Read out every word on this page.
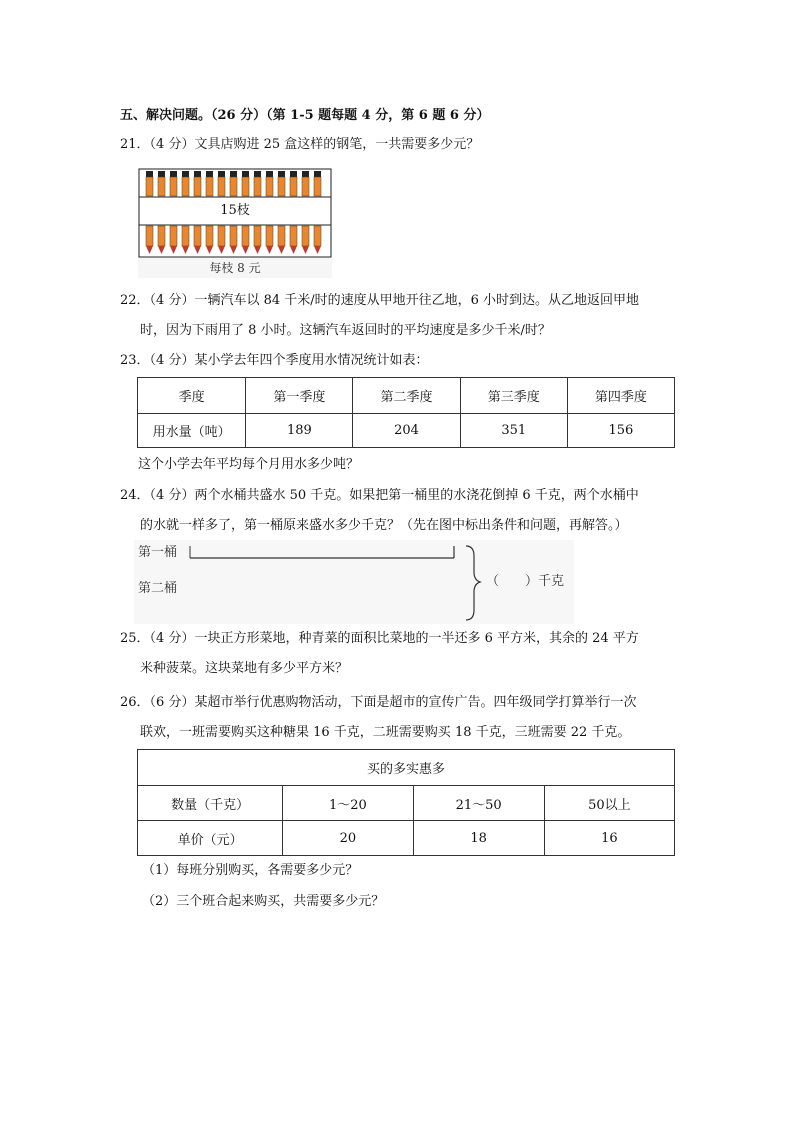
五、解决问题。（26 分）（第 1-5 题每题 4 分，第 6 题 6 分）
21．（4 分）文具店购进 25 盒这样的钢笔，一共需要多少元？
15枝
每枝 8 元
22．（4 分）一辆汽车以 84 千米/时的速度从甲地开往乙地，6 小时到达。从乙地返回甲地
时，因为下雨用了 8 小时。这辆汽车返回时的平均速度是多少千米/时？
23．（4 分）某小学去年四个季度用水情况统计如表：
季度	第一季度	第二季度	第三季度	第四季度
用水量（吨）	189	204	351	156
这个小学去年平均每个月用水多少吨？
24．（4 分）两个水桶共盛水 50 千克。如果把第一桶里的水浇花倒掉 6 千克，两个水桶中
的水就一样多了，第一桶原来盛水多少千克？（先在图中标出条件和问题，再解答。）
第一桶
第二桶	（　　）千克
25．（4 分）一块正方形菜地，种青菜的面积比菜地的一半还多 6 平方米，其余的 24 平方
米种菠菜。这块菜地有多少平方米？
26．（6 分）某超市举行优惠购物活动，下面是超市的宣传广告。四年级同学打算举行一次
联欢，一班需要购买这种糖果 16 千克，二班需要购买 18 千克，三班需要 22 千克。
买的多实惠多			
数量（千克）	1～20	21～50	50以上
单价（元）	20	18	16
（1）每班分别购买，各需要多少元？
（2）三个班合起来购买，共需要多少元？
